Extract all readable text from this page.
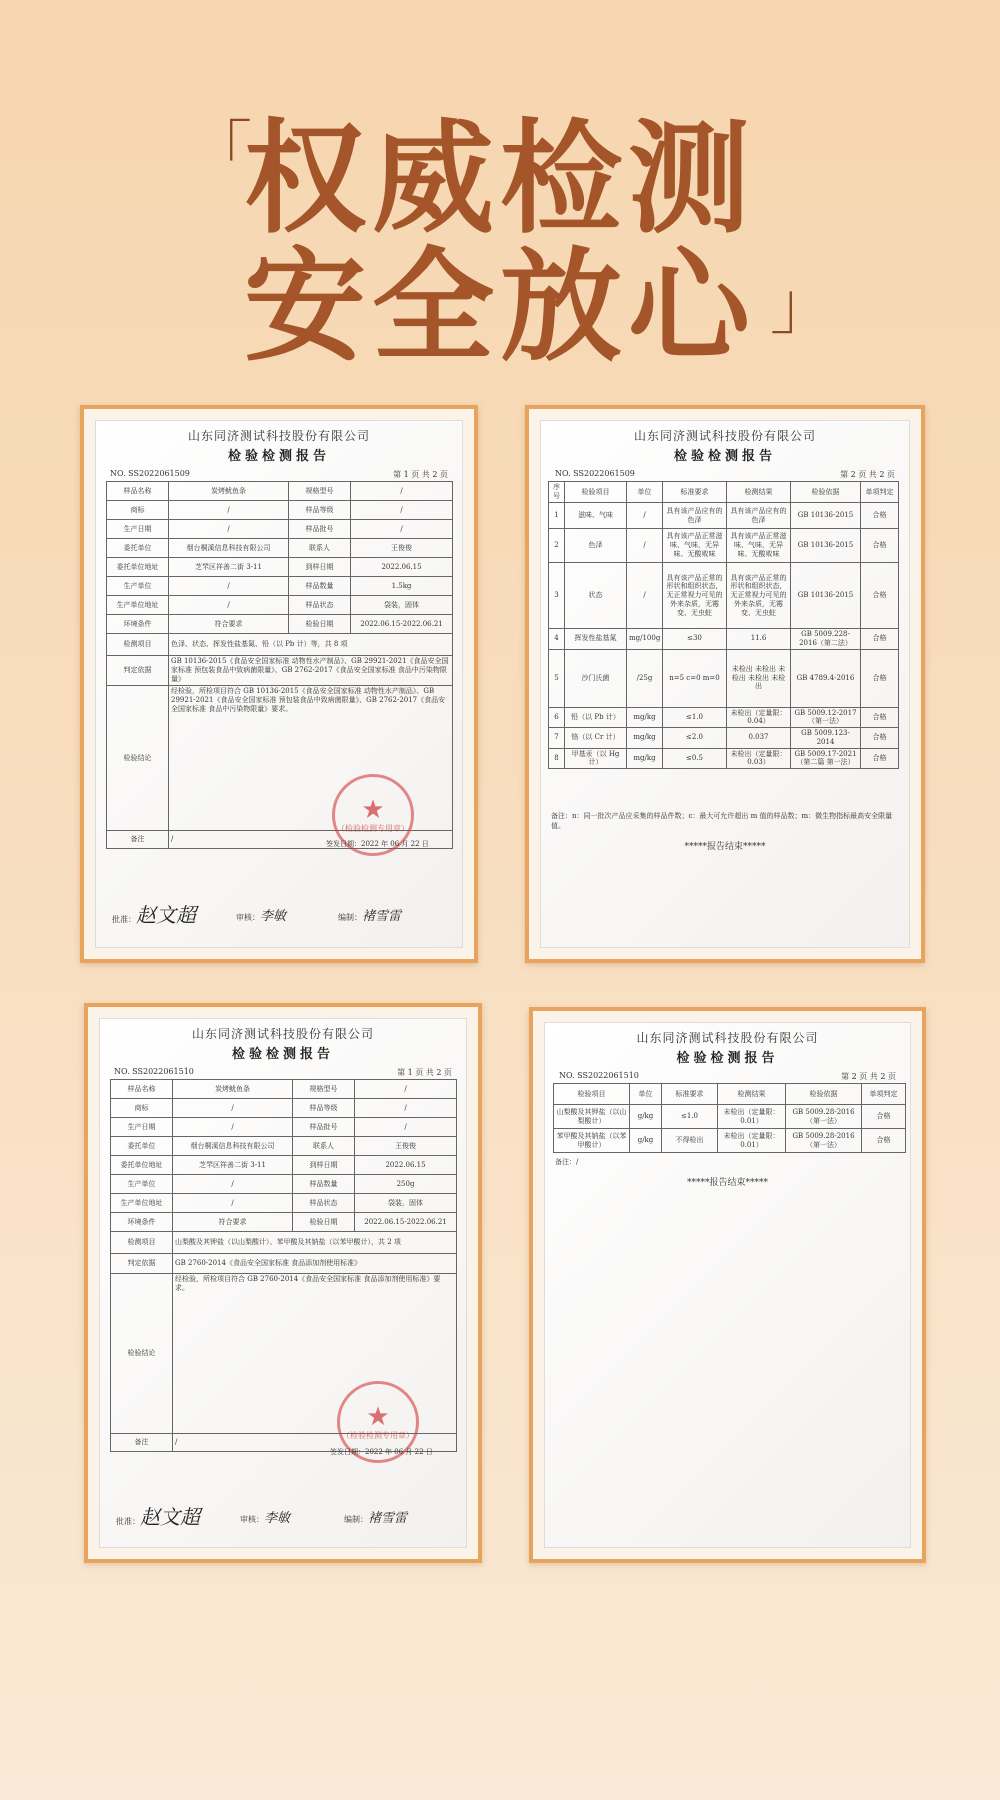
「
权威检测
安全放心 」
山东同济测试科技股份有限公司
检验检测报告
NO. SS2022061509	第 1 页 共 2 页
样品名称	炭烤鱿鱼条	规格型号	/
商标	/	样品等级	/
生产日期	/	样品批号	/
委托单位	烟台桐溪信息科技有限公司	联系人	王俊俊
委托单位地址	芝罘区祥善二街 3-11	到样日期	2022.06.15
生产单位	/	样品数量	1.5kg
生产单位地址	/	样品状态	袋装，固体
环境条件	符合要求	检验日期	2022.06.15-2022.06.21
检测项目	色泽、状态、挥发性盐基氮、铅（以 Pb 计）等，共 8 项		
判定依据	GB 10136-2015《食品安全国家标准 动物性水产制品》、GB 29921-2021《食品安全国家标准 预包装食品中致病菌限量》、GB 2762-2017《食品安全国家标准 食品中污染物限量》		
检验结论	经检验，所检项目符合 GB 10136-2015《食品安全国家标准 动物性水产制品》、GB 29921-2021《食品安全国家标准 预包装食品中致病菌限量》、GB 2762-2017《食品安全国家标准 食品中污染物限量》要求。		

备注	/		
★
（检验检测专用章）
签发日期：2022 年 06 月 22 日
批准：赵文超	审核：李敏	编制：褚雪雷
山东同济测试科技股份有限公司
检验检测报告
NO. SS2022061509	第 2 页 共 2 页
序号	检验项目	单位	标准要求	检测结果	检验依据	单项判定
1	滋味、气味	/	具有该产品应有的色泽	具有该产品应有的色泽	GB 10136-2015	合格
2	色泽	/	具有该产品正常滋味、气味，无异味、无酸败味	具有该产品正常滋味、气味，无异味、无酸败味	GB 10136-2015	合格
3	状态	/	具有该产品正常的形状和组织状态，无正常视力可见的外来杂质，无霉变、无虫蛀	具有该产品正常的形状和组织状态，无正常视力可见的外来杂质，无霉变、无虫蛀	GB 10136-2015	合格
4	挥发性盐基氮	mg/100g	≤30	11.6	GB 5009.228-2016（第二法）	合格
5	沙门氏菌	/25g	n=5 c=0 m=0	未检出 未检出 未检出 未检出 未检出	GB 4789.4-2016	合格
6	铅（以 Pb 计）	mg/kg	≤1.0	未检出（定量限：0.04）	GB 5009.12-2017（第一法）	合格
7	铬（以 Cr 计）	mg/kg	≤2.0	0.037	GB 5009.123-2014	合格
8	甲基汞（以 Hg 计）	mg/kg	≤0.5	未检出（定量限：0.03）	GB 5009.17-2021（第二篇 第一法）	合格
备注：n：同一批次产品应采集的样品件数；c：最大可允许超出 m 值的样品数；m：微生物指标最高安全限量值。
*****报告结束*****
山东同济测试科技股份有限公司
检验检测报告
NO. SS2022061510	第 1 页 共 2 页
样品名称	炭烤鱿鱼条	规格型号	/
商标	/	样品等级	/
生产日期	/	样品批号	/
委托单位	烟台桐溪信息科技有限公司	联系人	王俊俊
委托单位地址	芝罘区祥善二街 3-11	到样日期	2022.06.15
生产单位	/	样品数量	250g
生产单位地址	/	样品状态	袋装，固体
环境条件	符合要求	检验日期	2022.06.15-2022.06.21
检测项目	山梨酸及其钾盐（以山梨酸计）、苯甲酸及其钠盐（以苯甲酸计），共 2 项		
判定依据	GB 2760-2014《食品安全国家标准 食品添加剂使用标准》		
检验结论	经检验，所检项目符合 GB 2760-2014《食品安全国家标准 食品添加剂使用标准》要求。		

备注	/		
★
（检验检测专用章）
签发日期：2022 年 06 月 22 日
批准：赵文超	审核：李敏	编制：褚雪雷
山东同济测试科技股份有限公司
检验检测报告
NO. SS2022061510	第 2 页 共 2 页
检验项目	单位	标准要求	检测结果	检验依据	单项判定
山梨酸及其钾盐（以山梨酸计）	g/kg	≤1.0	未检出（定量限：0.01）	GB 5009.28-2016（第一法）	合格
苯甲酸及其钠盐（以苯甲酸计）	g/kg	不得检出	未检出（定量限：0.01）	GB 5009.28-2016（第一法）	合格
备注：/
*****报告结束*****
